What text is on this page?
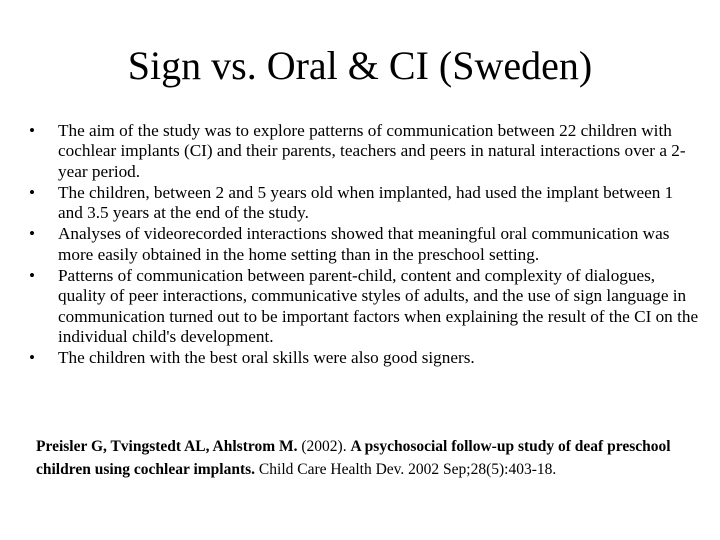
Sign vs. Oral & CI (Sweden)
• The aim of the study was to explore patterns of communication between 22 children with cochlear implants (CI) and their parents, teachers and peers in natural interactions over a 2-year period.
• The children, between 2 and 5 years old when implanted, had used the implant between 1 and 3.5 years at the end of the study.
• Analyses of videorecorded interactions showed that meaningful oral communication was more easily obtained in the home setting than in the preschool setting.
• Patterns of communication between parent-child, content and complexity of dialogues, quality of peer interactions, communicative styles of adults, and the use of sign language in communication turned out to be important factors when explaining the result of the CI on the individual child's development.
• The children with the best oral skills were also good signers.

Preisler G, Tvingstedt AL, Ahlstrom M. (2002). A psychosocial follow-up study of deaf preschool children using cochlear implants. Child Care Health Dev. 2002 Sep;28(5):403-18.
